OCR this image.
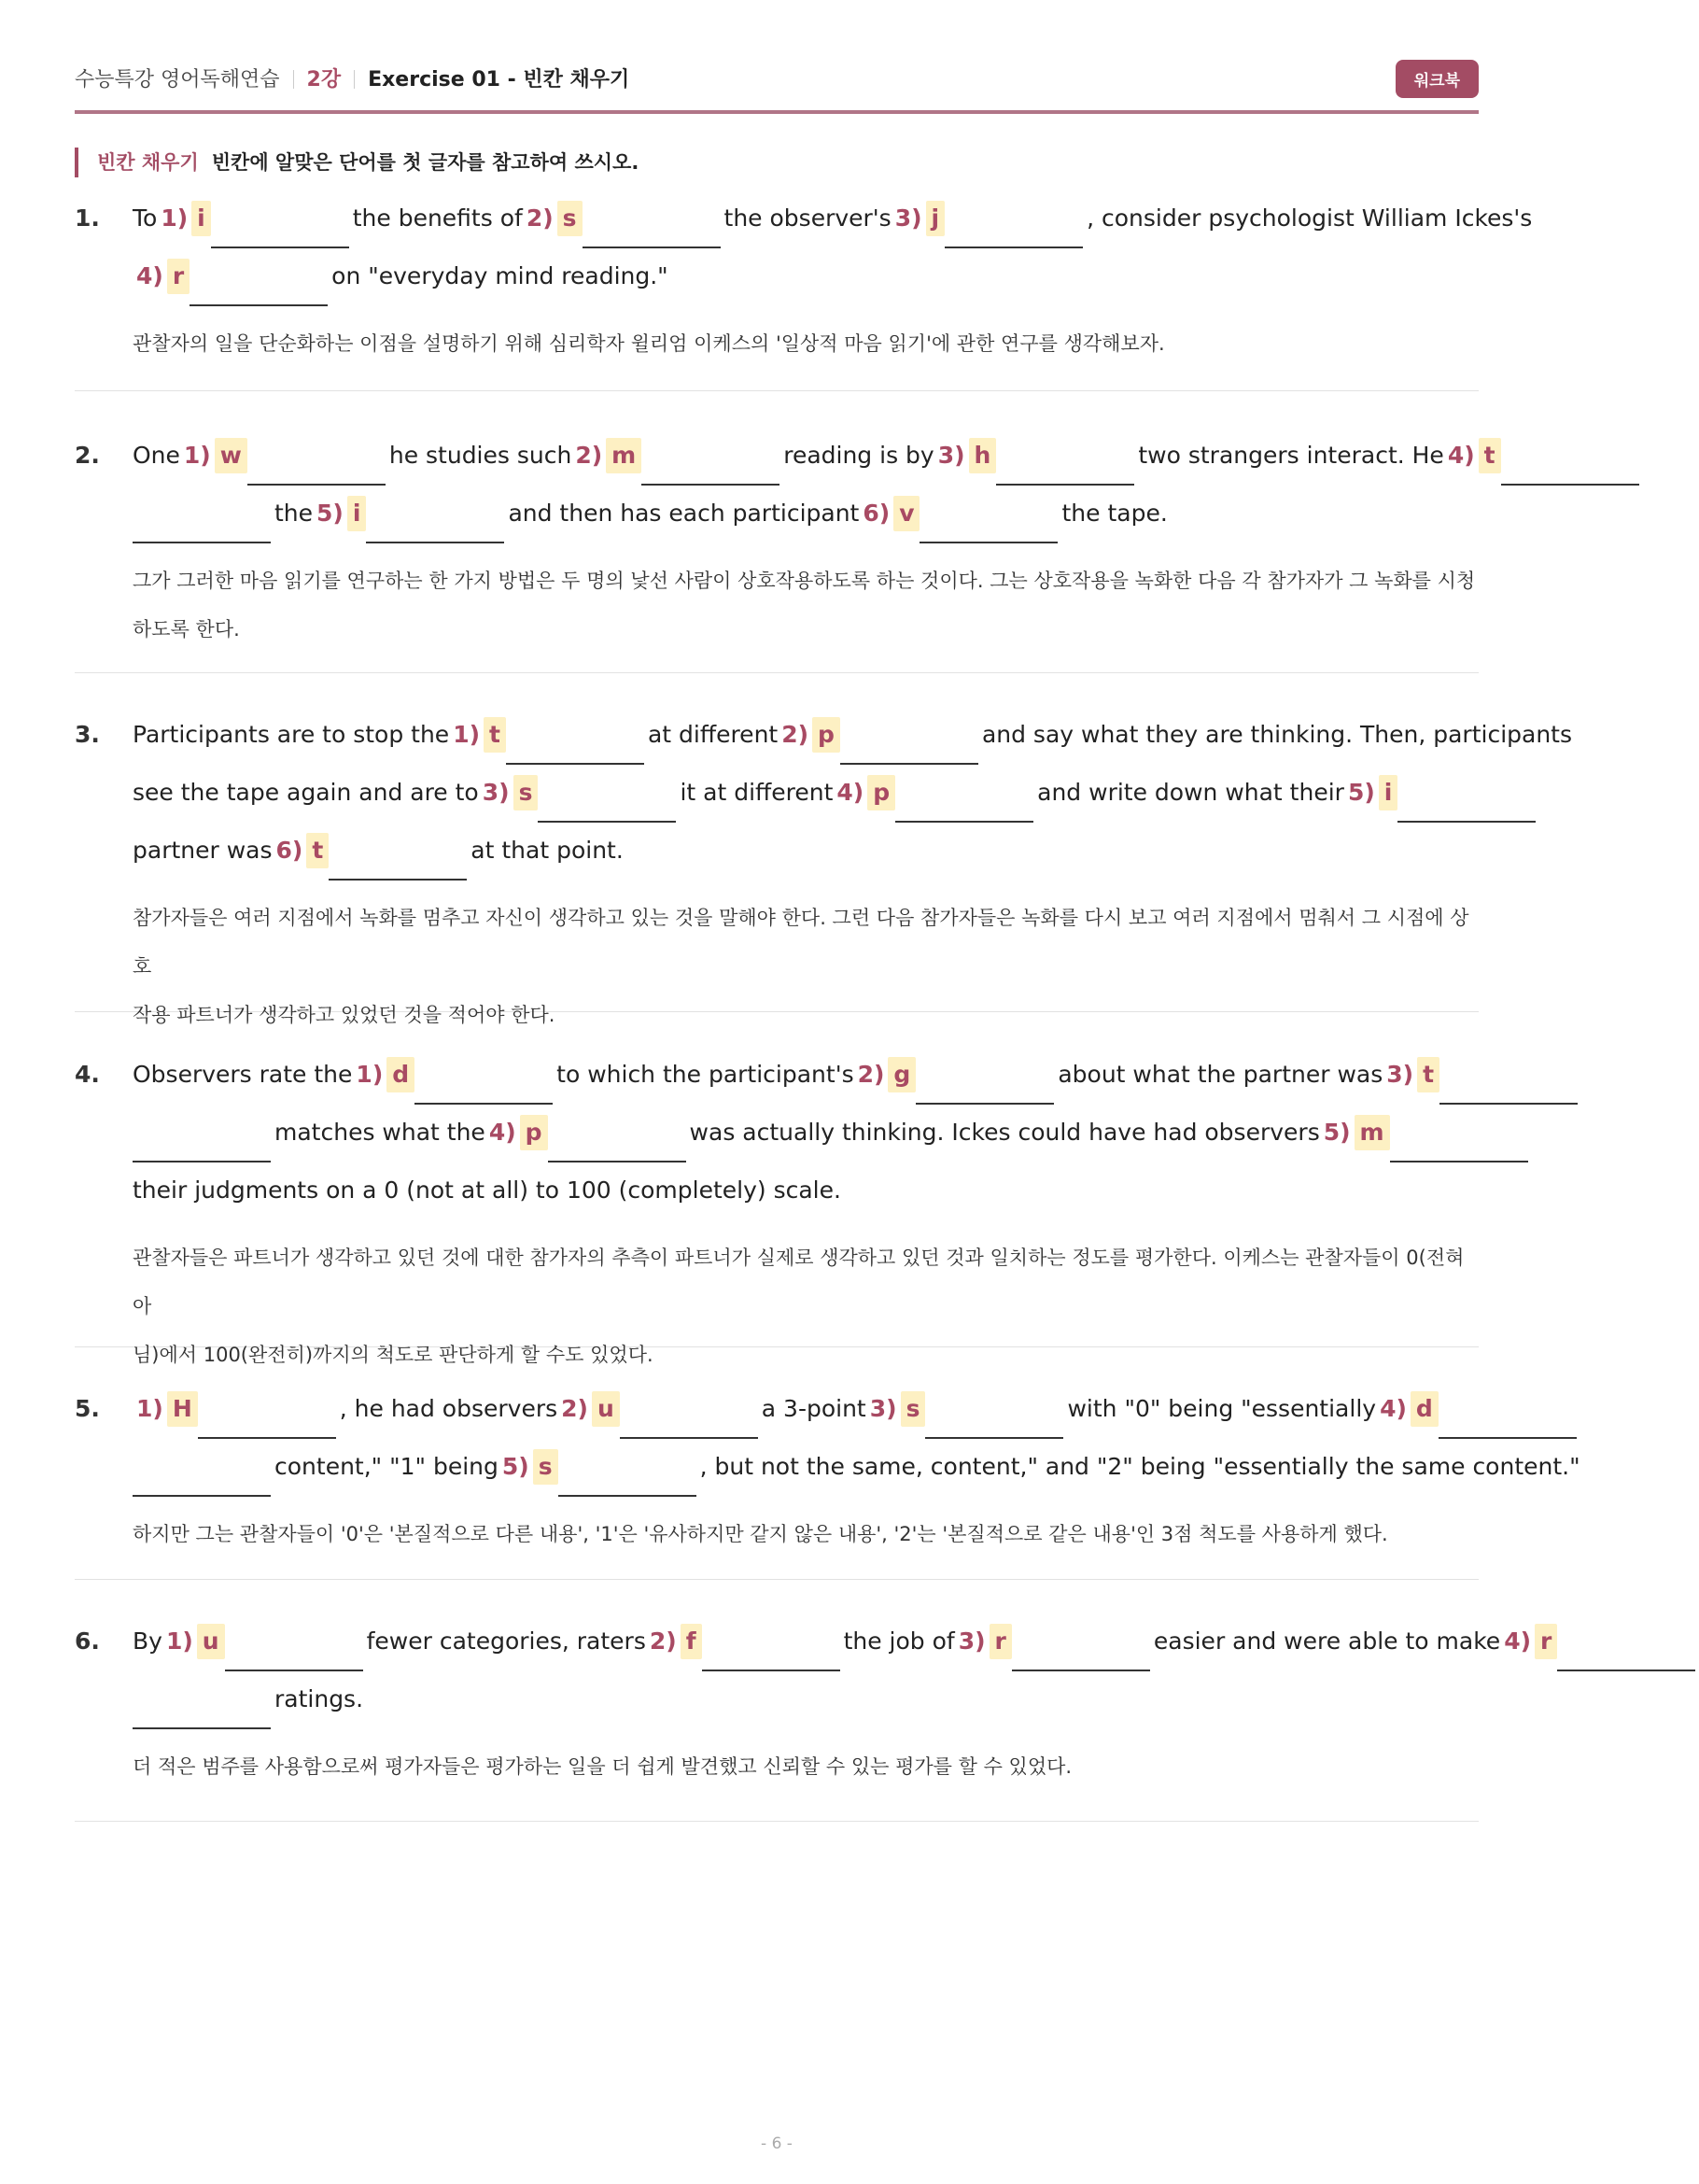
수능특강 영어독해연습 2강 Exercise 01 - 빈칸 채우기	워크북
빈칸 채우기 빈칸에 알맞은 단어를 첫 글자를 참고하여 쓰시오.
1. To 1) i	the benefits of 2) s	the observer's 3) j	, consider psychologist William Ickes's
4) r	on "everyday mind reading."
관찰자의 일을 단순화하는 이점을 설명하기 위해 심리학자 윌리엄 이케스의 '일상적 마음 읽기'에 관한 연구를 생각해보자.
2. One 1) w	he studies such 2) m	reading is by 3) h	two strangers interact. He 4) t
the 5) i	and then has each participant 6) v	the tape.
그가 그러한 마음 읽기를 연구하는 한 가지 방법은 두 명의 낯선 사람이 상호작용하도록 하는 것이다. 그는 상호작용을 녹화한 다음 각 참가자가 그 녹화를 시청
하도록 한다.
3. Participants are to stop the 1) t	at different 2) p	and say what they are thinking. Then, participants
see the tape again and are to 3) s	it at different 4) p	and write down what their 5) i
partner was 6) t	at that point.
참가자들은 여러 지점에서 녹화를 멈추고 자신이 생각하고 있는 것을 말해야 한다. 그런 다음 참가자들은 녹화를 다시 보고 여러 지점에서 멈춰서 그 시점에 상호
작용 파트너가 생각하고 있었던 것을 적어야 한다.
4. Observers rate the 1) d	to which the participant's 2) g	about what the partner was 3) t
matches what the 4) p	was actually thinking. Ickes could have had observers 5) m
their judgments on a 0 (not at all) to 100 (completely) scale.
관찰자들은 파트너가 생각하고 있던 것에 대한 참가자의 추측이 파트너가 실제로 생각하고 있던 것과 일치하는 정도를 평가한다. 이케스는 관찰자들이 0(전혀 아
님)에서 100(완전히)까지의 척도로 판단하게 할 수도 있었다.
5. 1) H	, he had observers 2) u	a 3-point 3) s	with "0" being "essentially 4) d
content," "1" being 5) s	, but not the same, content," and "2" being "essentially the same content."
하지만 그는 관찰자들이 '0'은 '본질적으로 다른 내용', '1'은 '유사하지만 같지 않은 내용', '2'는 '본질적으로 같은 내용'인 3점 척도를 사용하게 했다.
6. By 1) u	fewer categories, raters 2) f	the job of 3) r	easier and were able to make 4) r
ratings.
더 적은 범주를 사용함으로써 평가자들은 평가하는 일을 더 쉽게 발견했고 신뢰할 수 있는 평가를 할 수 있었다.
- 6 -
